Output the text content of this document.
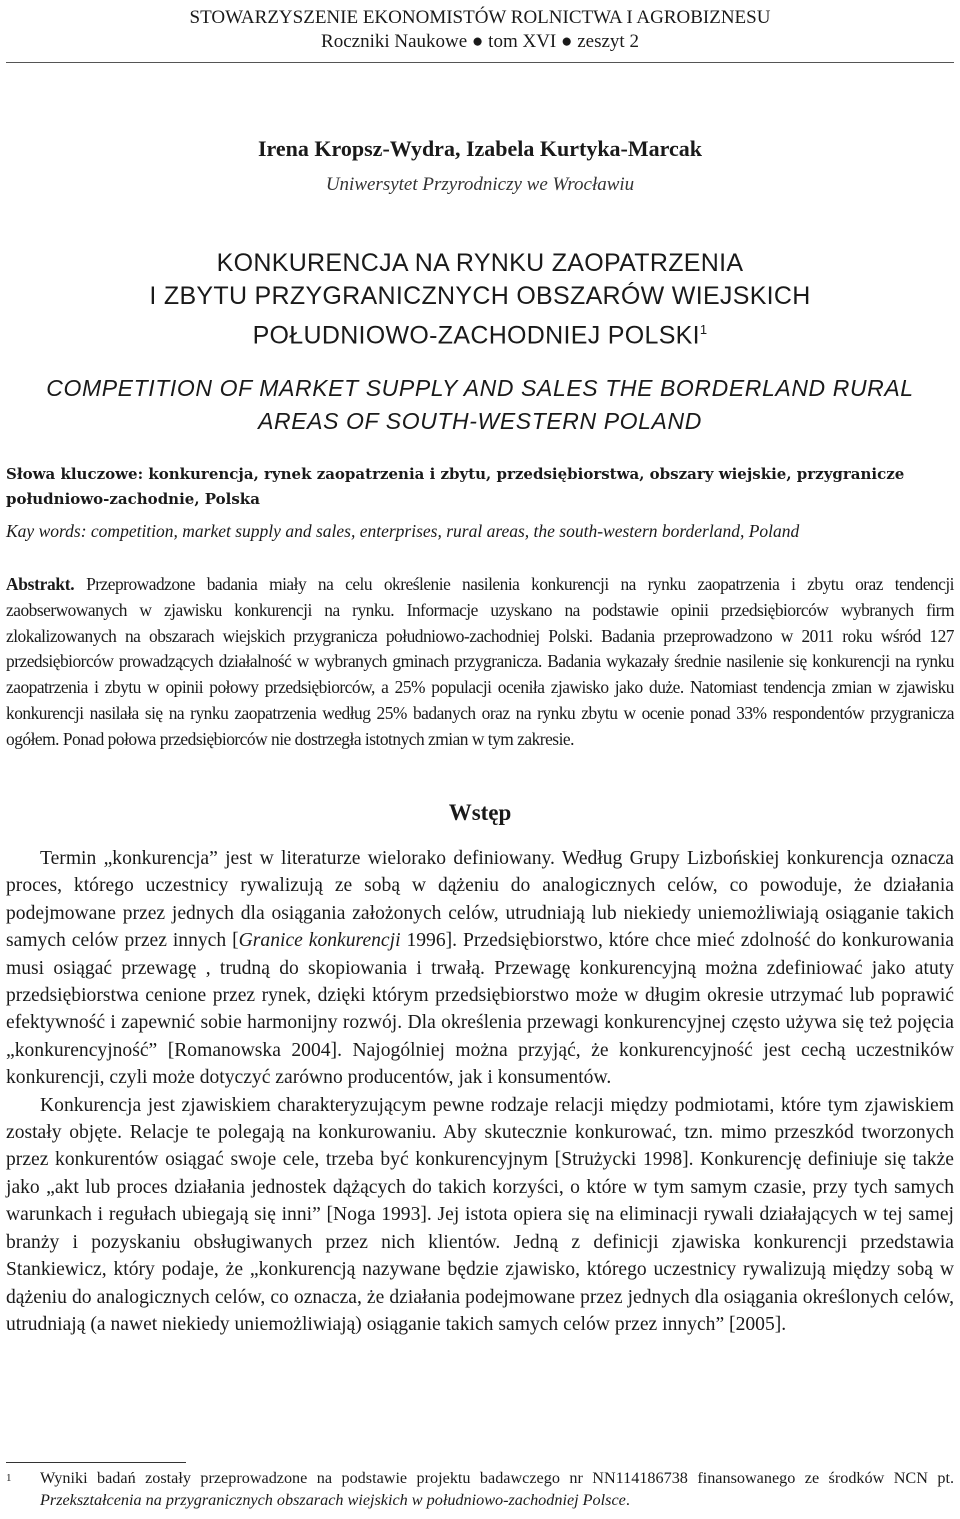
STOWARZYSZENIE EKONOMISTÓW ROLNICTWA I AGROBIZNESU
Roczniki Naukowe ● tom XVI ● zeszyt 2
Irena Kropsz-Wydra, Izabela Kurtyka-Marcak
Uniwersytet Przyrodniczy we Wrocławiu
KONKURENCJA NA RYNKU ZAOPATRZENIA
I ZBYTU PRZYGRANICZNYCH OBSZARÓW WIEJSKICH
POŁUDNIOWO-ZACHODNIEJ POLSKI$^1$
COMPETITION OF MARKET SUPPLY AND SALES THE BORDERLAND RURAL
AREAS OF SOUTH-WESTERN POLAND
Słowa kluczowe: konkurencja, rynek zaopatrzenia i zbytu, przedsiębiorstwa, obszary wiejskie, przygranicze południowo-zachodnie, Polska
Kay words: competition, market supply and sales, enterprises, rural areas, the south-western borderland, Poland
Abstrakt. Przeprowadzone badania miały na celu określenie nasilenia konkurencji na rynku zaopatrzenia i zbytu oraz tendencji zaobserwowanych w zjawisku konkurencji na rynku. Informacje uzyskano na podstawie opinii przedsiębiorców wybranych firm zlokalizowanych na obszarach wiejskich przygranicza południowo-zachodniej Polski. Badania przeprowadzono w 2011 roku wśród 127 przedsiębiorców prowadzących działalność w wybranych gminach przygranicza. Badania wykazały średnie nasilenie się konkurencji na rynku zaopatrzenia i zbytu w opinii połowy przedsiębiorców, a 25% populacji oceniła zjawisko jako duże. Natomiast tendencja zmian w zjawisku konkurencji nasilała się na rynku zaopatrzenia według 25% badanych oraz na rynku zbytu w ocenie ponad 33% respondentów przygranicza ogółem. Ponad połowa przedsiębiorców nie dostrzegła istotnych zmian w tym zakresie.
Wstęp

Termin „konkurencja” jest w literaturze wielorako definiowany. Według Grupy Lizbońskiej konkurencja oznacza proces, którego uczestnicy rywalizują ze sobą w dążeniu do analogicznych celów, co powoduje, że działania podejmowane przez jednych dla osiągania założonych celów, utrudniają lub niekiedy uniemożliwiają osiąganie takich samych celów przez innych [Granice konkurencji 1996]. Przedsiębiorstwo, które chce mieć zdolność do konkurowania musi osiągać przewagę , trudną do skopiowania i trwałą. Przewagę konkurencyjną można zdefiniować jako atuty przedsiębiorstwa cenione przez rynek, dzięki którym przedsiębiorstwo może w długim okresie utrzymać lub poprawić efektywność i zapewnić sobie harmonijny rozwój. Dla określenia przewagi konkurencyjnej często używa się też pojęcia „konkurencyjność” [Romanowska 2004]. Najogólniej można przyjąć, że konkurencyjność jest cechą uczestników konkurencji, czyli może dotyczyć zarówno producentów, jak i konsumentów.

Konkurencja jest zjawiskiem charakteryzującym pewne rodzaje relacji między podmiotami, które tym zjawiskiem zostały objęte. Relacje te polegają na konkurowaniu. Aby skutecznie konkurować, tzn. mimo przeszkód tworzonych przez konkurentów osiągać swoje cele, trzeba być konkurencyjnym [Strużycki 1998]. Konkurencję definiuje się także jako „akt lub proces działania jednostek dążących do takich korzyści, o które w tym samym czasie, przy tych samych warunkach i regułach ubiegają się inni” [Noga 1993]. Jej istota opiera się na eliminacji rywali działających w tej samej branży i pozyskaniu obsługiwanych przez nich klientów. Jedną z definicji zjawiska konkurencji przedstawia Stankiewicz, który podaje, że „konkurencją nazywane będzie zjawisko, którego uczestnicy rywalizują między sobą w dążeniu do analogicznych celów, co oznacza, że działania podejmowane przez jednych dla osiągania określonych celów, utrudniają (a nawet niekiedy uniemożliwiają) osiąganie takich samych celów przez innych” [2005].

1 Wyniki badań zostały przeprowadzone na podstawie projektu badawczego nr NN114186738 finansowanego ze środków NCN pt. Przekształcenia na przygranicznych obszarach wiejskich w południowo-zachodniej Polsce.
